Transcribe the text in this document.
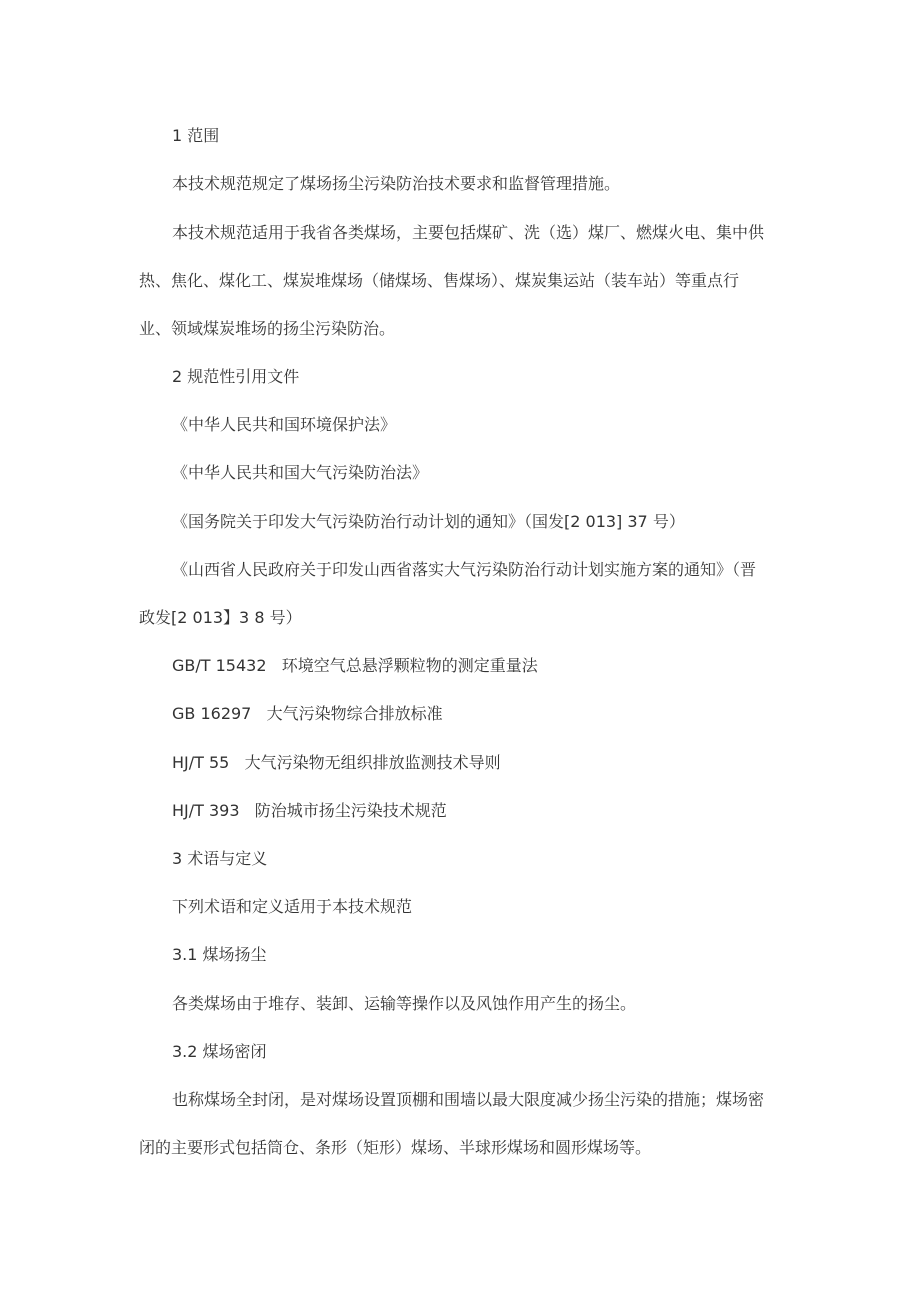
1 范围
本技术规范规定了煤场扬尘污染防治技术要求和监督管理措施。
本技术规范适用于我省各类煤场，主要包括煤矿、洗（选）煤厂、燃煤火电、集中供
热、焦化、煤化工、煤炭堆煤场（储煤场、售煤场）、煤炭集运站（装车站）等重点行
业、领域煤炭堆场的扬尘污染防治。
2 规范性引用文件
《中华人民共和国环境保护法》
《中华人民共和国大气污染防治法》
《国务院关于印发大气污染防治行动计划的通知》（国发[2 013] 37 号）
《山西省人民政府关于印发山西省落实大气污染防治行动计划实施方案的通知》（晋
政发[2 013】3 8 号）
GB/T 15432   环境空气总悬浮颗粒物的测定重量法
GB 16297   大气污染物综合排放标准
HJ/T 55   大气污染物无组织排放监测技术导则
HJ/T 393   防治城市扬尘污染技术规范
3 术语与定义
下列术语和定义适用于本技术规范
3.1 煤场扬尘
各类煤场由于堆存、装卸、运输等操作以及风蚀作用产生的扬尘。
3.2 煤场密闭
也称煤场全封闭，是对煤场设置顶棚和围墙以最大限度减少扬尘污染的措施；煤场密
闭的主要形式包括筒仓、条形（矩形）煤场、半球形煤场和圆形煤场等。
